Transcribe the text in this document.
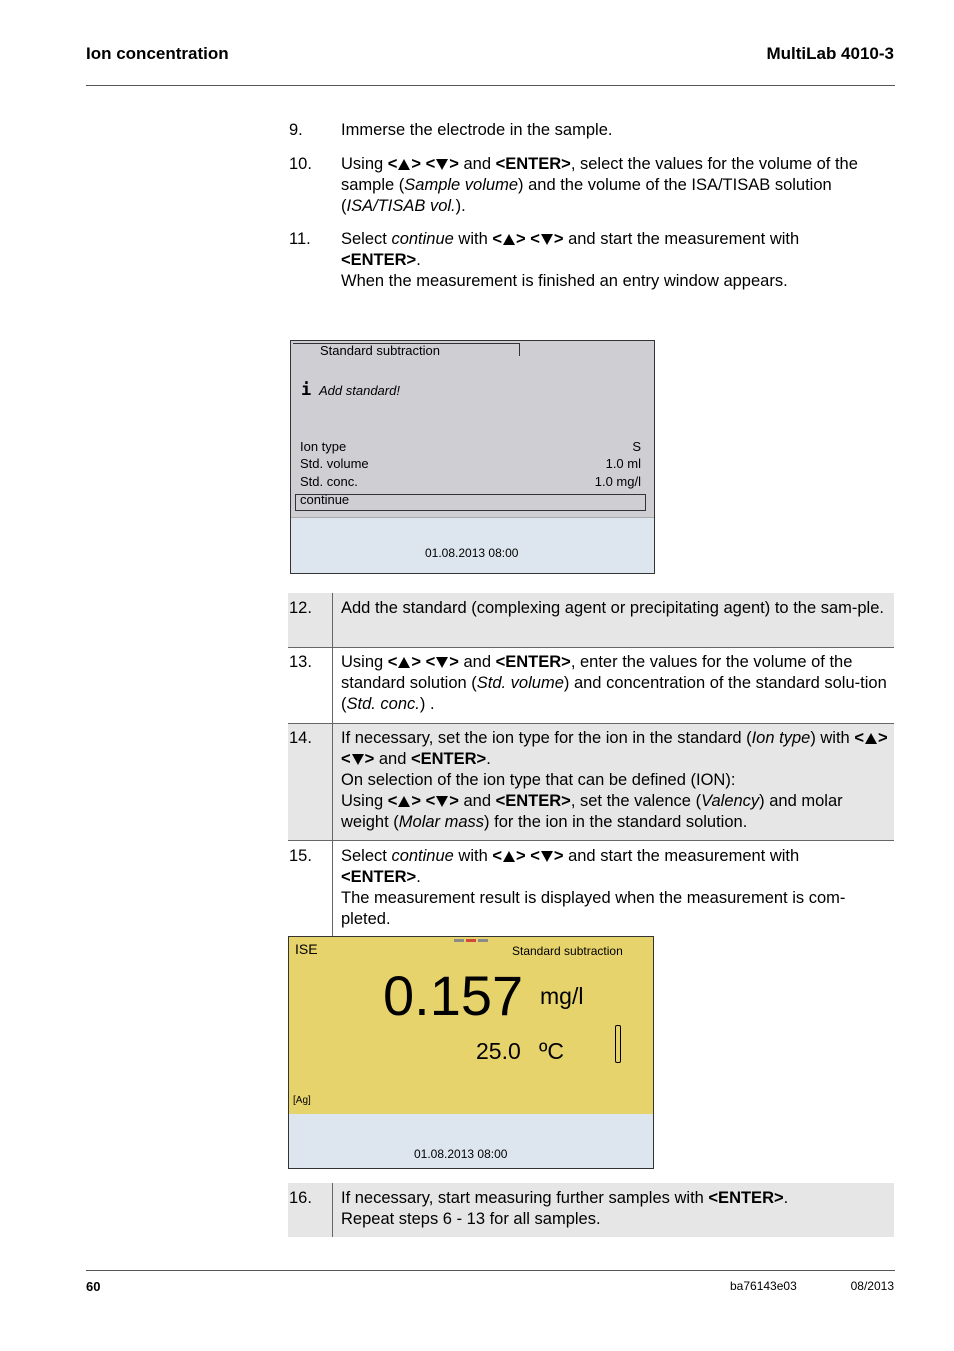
Ion concentration	MultiLab 4010-3
9. Immerse the electrode in the sample.
10. Using < > < > and <ENTER>, select the values for the volume of the sample (Sample volume) and the volume of the ISA/TISAB solution (ISA/TISAB vol.).
11. Select continue with < > < > and start the measurement with
<ENTER>.
When the measurement is finished an entry window appears.
Standard subtraction
i Add standard!
Ion type	S
Std. volume	1.0 ml
Std. conc.	1.0 mg/l
continue
01.08.2013 08:00
12. Add the standard (complexing agent or precipitating agent) to the sam-ple.
13. Using < > < > and <ENTER>, enter the values for the volume of the standard solution (Std. volume) and concentration of the standard solu-tion (Std. conc.) .
14. If necessary, set the ion type for the ion in the standard (Ion type) with < > < > and <ENTER>.
On selection of the ion type that can be defined (ION):
Using < > < > and <ENTER>, set the valence (Valency) and molar weight (Molar mass) for the ion in the standard solution.
15. Select continue with < > < > and start the measurement with
<ENTER>.
The measurement result is displayed when the measurement is com-pleted.
ISE	Standard subtraction
0.157 mg/l
25.0 ºC
[Ag]
01.08.2013 08:00
16. If necessary, start measuring further samples with <ENTER>.
Repeat steps 6 - 13 for all samples.
60	ba76143e03	08/2013
